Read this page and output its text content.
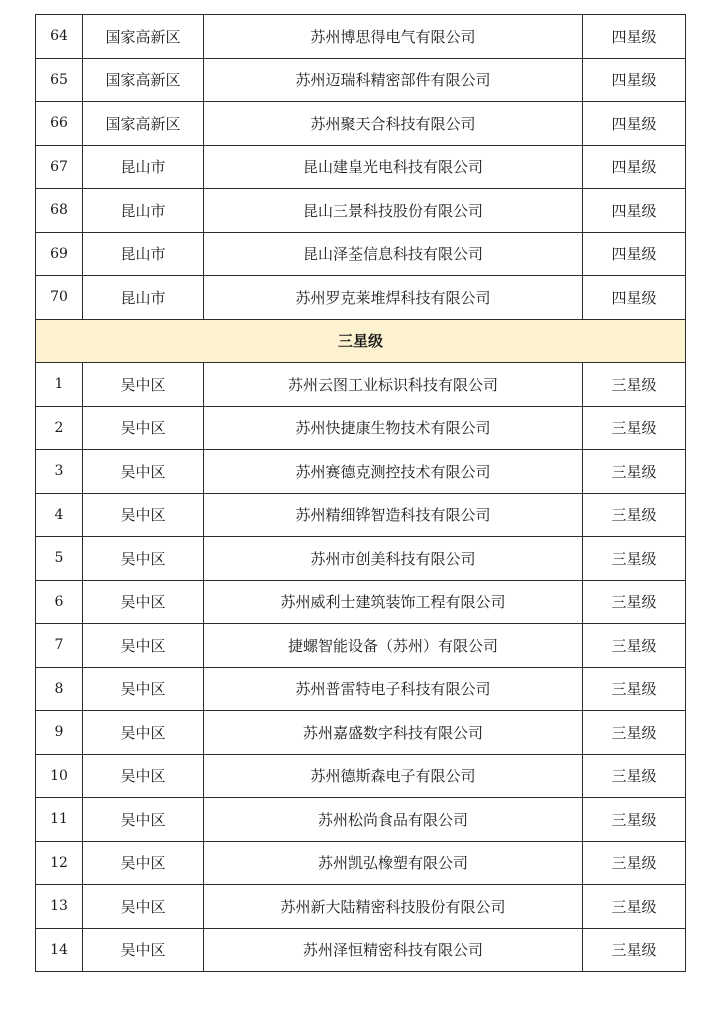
64	国家高新区	苏州博思得电气有限公司	四星级
65	国家高新区	苏州迈瑞科精密部件有限公司	四星级
66	国家高新区	苏州聚天合科技有限公司	四星级
67	昆山市	昆山建皇光电科技有限公司	四星级
68	昆山市	昆山三景科技股份有限公司	四星级
69	昆山市	昆山泽荃信息科技有限公司	四星级
70	昆山市	苏州罗克莱堆焊科技有限公司	四星级
三星级			
1	吴中区	苏州云图工业标识科技有限公司	三星级
2	吴中区	苏州快捷康生物技术有限公司	三星级
3	吴中区	苏州赛德克测控技术有限公司	三星级
4	吴中区	苏州精细铧智造科技有限公司	三星级
5	吴中区	苏州市创美科技有限公司	三星级
6	吴中区	苏州威利士建筑装饰工程有限公司	三星级
7	吴中区	捷螺智能设备（苏州）有限公司	三星级
8	吴中区	苏州普雷特电子科技有限公司	三星级
9	吴中区	苏州嘉盛数字科技有限公司	三星级
10	吴中区	苏州德斯森电子有限公司	三星级
11	吴中区	苏州松尚食品有限公司	三星级
12	吴中区	苏州凯弘橡塑有限公司	三星级
13	吴中区	苏州新大陆精密科技股份有限公司	三星级
14	吴中区	苏州泽恒精密科技有限公司	三星级
